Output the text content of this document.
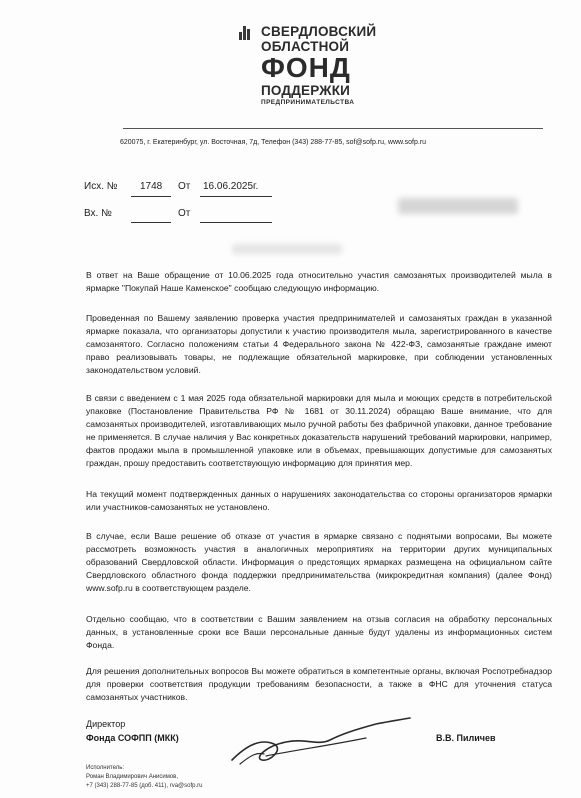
СВЕРДЛОВСКИЙ
ОБЛАСТНОЙ
ФОНД
ПОДДЕРЖКИ
ПРЕДПРИНИМАТЕЛЬСТВА
620075, г. Екатеринбург, ул. Восточная, 7д, Телефон (343) 288-77-85, sof@sofp.ru, www.sofp.ru
Исх. № 1748 От 16.06.2025г.
Вх. №	От

В ответ на Ваше обращение от 10.06.2025 года относительно участия самозанятых производителей мыла в ярмарке "Покупай Наше Каменское" сообщаю следующую информацию.

Проведенная по Вашему заявлению проверка участия предпринимателей и самозанятых граждан в указанной ярмарке показала, что организаторы допустили к участию производителя мыла, зарегистрированного в качестве самозанятого. Согласно положениям статьи 4 Федерального закона № 422-ФЗ, самозанятые граждане имеют право реализовывать товары, не подлежащие обязательной маркировке, при соблюдении установленных законодательством условий.

В связи с введением с 1 мая 2025 года обязательной маркировки для мыла и моющих средств в потребительской упаковке (Постановление Правительства РФ № 1681 от 30.11.2024) обращаю Ваше внимание, что для самозанятых производителей, изготавливающих мыло ручной работы без фабричной упаковки, данное требование не применяется. В случае наличия у Вас конкретных доказательств нарушений требований маркировки, например, фактов продажи мыла в промышленной упаковке или в объемах, превышающих допустимые для самозанятых граждан, прошу предоставить соответствующую информацию для принятия мер.

На текущий момент подтвержденных данных о нарушениях законодательства со стороны организаторов ярмарки или участников-самозанятых не установлено.

В случае, если Ваше решение об отказе от участия в ярмарке связано с поднятыми вопросами, Вы можете рассмотреть возможность участия в аналогичных мероприятиях на территории других муниципальных образований Свердловской области. Информация о предстоящих ярмарках размещена на официальном сайте Свердловского областного фонда поддержки предпринимательства (микрокредитная компания) (далее Фонд) www.sofp.ru в соответствующем разделе.

Отдельно сообщаю, что в соответствии с Вашим заявлением на отзыв согласия на обработку персональных данных, в установленные сроки все Ваши персональные данные будут удалены из информационных систем Фонда.

Для решения дополнительных вопросов Вы можете обратиться в компетентные органы, включая Роспотребнадзор для проверки соответствия продукции требованиям безопасности, а также в ФНС для уточнения статуса самозанятых участников.

Директор
Фонда СОФПП (МКК)	В.В. Пиличев
Исполнитель:
Роман Владимирович Анисимов,
+7 (343) 288-77-85 (доб. 411), rva@sofp.ru
